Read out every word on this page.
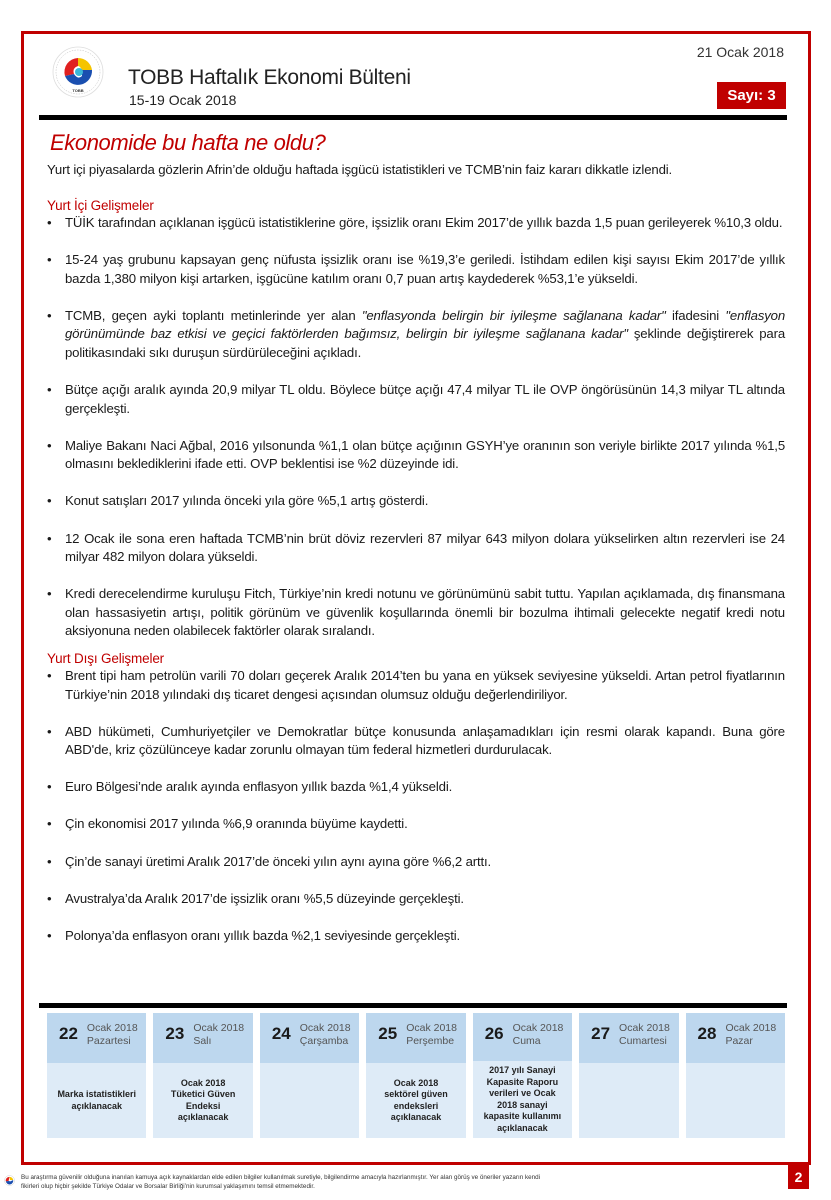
TOBB
TOBB Haftalık Ekonomi Bülteni
15-19 Ocak 2018
21 Ocak 2018
Sayı: 3
Ekonomide bu hafta ne oldu?
Yurt içi piyasalarda gözlerin Afrin’de olduğu haftada işgücü istatistikleri ve TCMB’nin faiz kararı dikkatle izlendi.
Yurt İçi Gelişmeler
• TÜİK tarafından açıklanan işgücü istatistiklerine göre, işsizlik oranı Ekim 2017’de yıllık bazda 1,5 puan gerileyerek %10,3 oldu.
• 15-24 yaş grubunu kapsayan genç nüfusta işsizlik oranı ise %19,3’e geriledi. İstihdam edilen kişi sayısı Ekim 2017’de yıllık bazda 1,380 milyon kişi artarken, işgücüne katılım oranı 0,7 puan artış kaydederek %53,1’e yükseldi.
• TCMB, geçen ayki toplantı metinlerinde yer alan "enflasyonda belirgin bir iyileşme sağlanana kadar" ifadesini "enflasyon görünümünde baz etkisi ve geçici faktörlerden bağımsız, belirgin bir iyileşme sağlanana kadar" şeklinde değiştirerek para politikasındaki sıkı duruşun sürdürüleceğini açıkladı.
• Bütçe açığı aralık ayında 20,9 milyar TL oldu. Böylece bütçe açığı 47,4 milyar TL ile OVP öngörüsünün 14,3 milyar TL altında gerçekleşti.
• Maliye Bakanı Naci Ağbal, 2016 yılsonunda %1,1 olan bütçe açığının GSYH’ye oranının son veriyle birlikte 2017 yılında %1,5 olmasını beklediklerini ifade etti. OVP beklentisi ise %2 düzeyinde idi.
• Konut satışları 2017 yılında önceki yıla göre %5,1 artış gösterdi.
• 12 Ocak ile sona eren haftada TCMB’nin brüt döviz rezervleri 87 milyar 643 milyon dolara yükselirken altın rezervleri ise 24 milyar 482 milyon dolara yükseldi.
• Kredi derecelendirme kuruluşu Fitch, Türkiye’nin kredi notunu ve görünümünü sabit tuttu. Yapılan açıklamada, dış finansmana olan hassasiyetin artışı, politik görünüm ve güvenlik koşullarında önemli bir bozulma ihtimali gelecekte negatif kredi notu aksiyonuna neden olabilecek faktörler olarak sıralandı.
Yurt Dışı Gelişmeler
• Brent tipi ham petrolün varili 70 doları geçerek Aralık 2014’ten bu yana en yüksek seviyesine yükseldi. Artan petrol fiyatlarının Türkiye’nin 2018 yılındaki dış ticaret dengesi açısından olumsuz olduğu değerlendiriliyor.
• ABD hükümeti, Cumhuriyetçiler ve Demokratlar bütçe konusunda anlaşamadıkları için resmi olarak kapandı. Buna göre ABD'de, kriz çözülünceye kadar zorunlu olmayan tüm federal hizmetleri durdurulacak.
• Euro Bölgesi’nde aralık ayında enflasyon yıllık bazda %1,4 yükseldi.
• Çin ekonomisi 2017 yılında %6,9 oranında büyüme kaydetti.
• Çin’de sanayi üretimi Aralık 2017’de önceki yılın aynı ayına göre %6,2 arttı.
• Avustralya’da Aralık 2017’de işsizlik oranı %5,5 düzeyinde gerçekleşti.
• Polonya’da enflasyon oranı yıllık bazda %2,1 seviyesinde gerçekleşti.
22 Ocak 2018
Pazartesi
Marka istatistikleri açıklanacak
23 Ocak 2018
Salı
Ocak 2018 Tüketici Güven Endeksi açıklanacak
24 Ocak 2018
Çarşamba 25 Ocak 2018
Perşembe
Ocak 2018 sektörel güven endeksleri açıklanacak
26 Ocak 2018
Cuma
2017 yılı Sanayi Kapasite Raporu verileri ve Ocak 2018 sanayi kapasite kullanımı açıklanacak
27 Ocak 2018
Cumartesi 28 Ocak 2018
Pazar
2
Bu araştırma güvenilir olduğuna inanılan kamuya açık kaynaklardan elde edilen bilgiler kullanılmak suretiyle, bilgilendirme amacıyla hazırlanmıştır. Yer alan görüş ve öneriler yazarın kendi fikirleri olup hiçbir şekilde Türkiye Odalar ve Borsalar Birliği’nin kurumsal yaklaşımını temsil etmemektedir.
